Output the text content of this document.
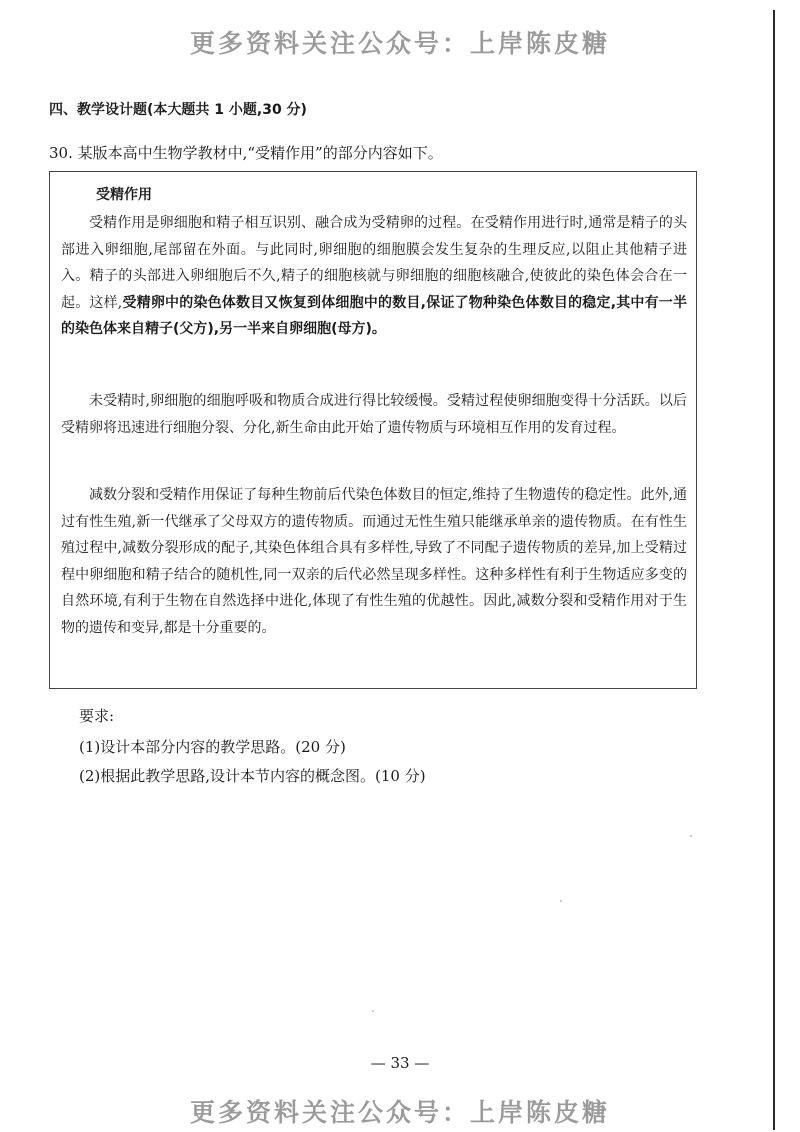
更多资料关注公众号：上岸陈皮糖
四、教学设计题(本大题共 1 小题,30 分)
30. 某版本高中生物学教材中,“受精作用”的部分内容如下。
受精作用
受精作用是卵细胞和精子相互识别、融合成为受精卵的过程。在受精作用进行时,通常是精子的头部进入卵细胞,尾部留在外面。与此同时,卵细胞的细胞膜会发生复杂的生理反应,以阻止其他精子进入。精子的头部进入卵细胞后不久,精子的细胞核就与卵细胞的细胞核融合,使彼此的染色体会合在一起。这样,受精卵中的染色体数目又恢复到体细胞中的数目,保证了物种染色体数目的稳定,其中有一半的染色体来自精子(父方),另一半来自卵细胞(母方)。
未受精时,卵细胞的细胞呼吸和物质合成进行得比较缓慢。受精过程使卵细胞变得十分活跃。以后受精卵将迅速进行细胞分裂、分化,新生命由此开始了遗传物质与环境相互作用的发育过程。
减数分裂和受精作用保证了每种生物前后代染色体数目的恒定,维持了生物遗传的稳定性。此外,通过有性生殖,新一代继承了父母双方的遗传物质。而通过无性生殖只能继承单亲的遗传物质。在有性生殖过程中,减数分裂形成的配子,其染色体组合具有多样性,导致了不同配子遗传物质的差异,加上受精过程中卵细胞和精子结合的随机性,同一双亲的后代必然呈现多样性。这种多样性有利于生物适应多变的自然环境,有利于生物在自然选择中进化,体现了有性生殖的优越性。因此,减数分裂和受精作用对于生物的遗传和变异,都是十分重要的。
要求:
(1)设计本部分内容的教学思路。(20 分)
(2)根据此教学思路,设计本节内容的概念图。(10 分)
— 33 —
更多资料关注公众号：上岸陈皮糖
